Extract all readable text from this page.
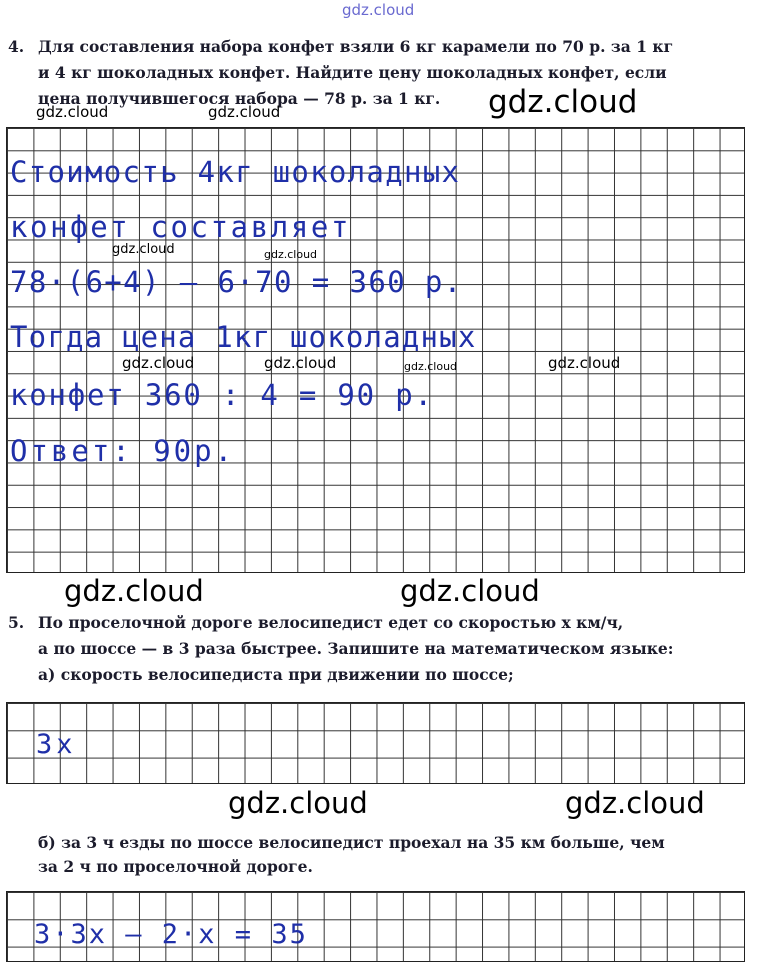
gdz.cloud
4. Для составления набора конфет взяли 6 кг карамели по 70 р. за 1 кг
и 4 кг шоколадных конфет. Найдите цену шоколадных конфет, если
цена получившегося набора — 78 р. за 1 кг.
Стоимость 4кг шоколадных
конфет составляет
78·(6+4) – 6·70 = 360 р.
Тогда цена 1кг шоколадных
конфет 360 : 4 = 90 р.
Ответ: 90р.
5. По проселочной дороге велосипедист едет со скоростью x км/ч,
а по шоссе — в 3 раза быстрее. Запишите на математическом языке:
а) скорость велосипедиста при движении по шоссе;
б) за 3 ч езды по шоссе велосипедист проехал на 35 км больше, чем
за 2 ч по проселочной дороге.
3x
3·3x – 2·x = 35
gdz.cloud
gdz.cloud	gdz.cloud
gdz.cloud	gdz.cloud
gdz.cloud	gdz.cloud	gdz.cloud	gdz.cloud
gdz.cloud	gdz.cloud
gdz.cloud	gdz.cloud
